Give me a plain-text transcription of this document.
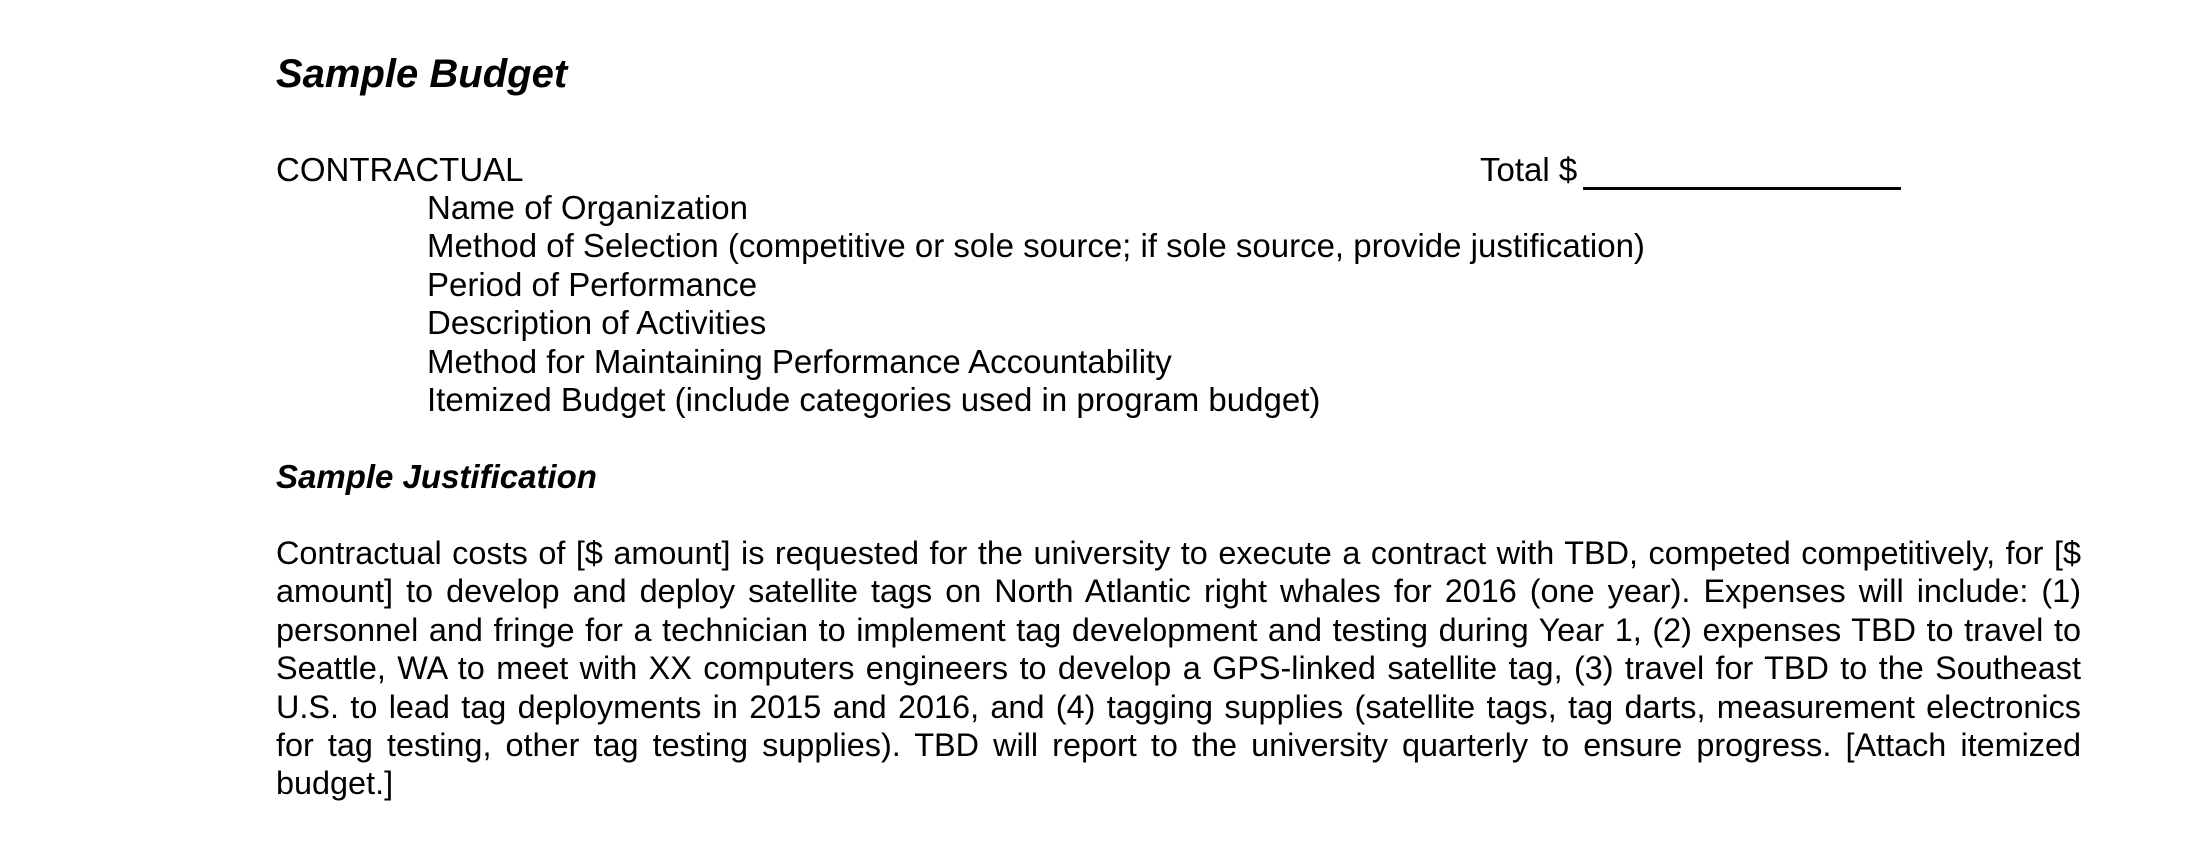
Sample Budget
CONTRACTUAL	Total $
Name of Organization
Method of Selection (competitive or sole source; if sole source, provide justification)
Period of Performance
Description of Activities
Method for Maintaining Performance Accountability
Itemized Budget (include categories used in program budget)
Sample Justification

Contractual costs of [$ amount] is requested for the university to execute a contract with TBD, competed competitively, for [$ amount] to develop and deploy satellite tags on North Atlantic right whales for 2016 (one year). Expenses will include: (1) personnel and fringe for a technician to implement tag development and testing during Year 1, (2) expenses TBD to travel to Seattle, WA to meet with XX computers engineers to develop a GPS-linked satellite tag, (3) travel for TBD to the Southeast U.S. to lead tag deployments in 2015 and 2016, and (4) tagging supplies (satellite tags, tag darts, measurement electronics for tag testing, other tag testing supplies). TBD will report to the university quarterly to ensure progress. [Attach itemized budget.]
